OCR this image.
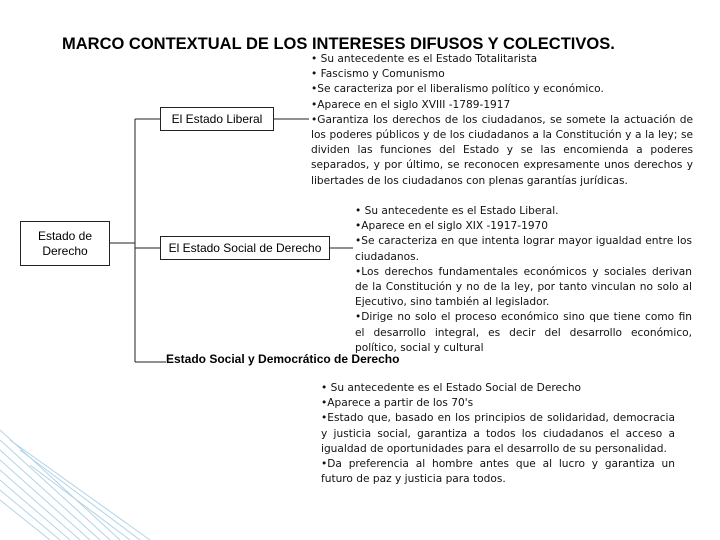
MARCO CONTEXTUAL DE LOS INTERESES DIFUSOS Y COLECTIVOS.
Estado de Derecho
El Estado Liberal
El Estado Social de Derecho
Estado Social y Democrático de Derecho

• Su antecedente es el Estado Totalitarista

• Fascismo y Comunismo

•Se caracteriza por el liberalismo político y económico.

•Aparece en el siglo XVIII -1789-1917

•Garantiza los derechos de los ciudadanos, se somete la actuación de los poderes públicos y de los ciudadanos a la Constitución y a la ley; se dividen las funciones del Estado y se las encomienda a poderes separados, y por último, se reconocen expresamente unos derechos y libertades de los ciudadanos con plenas garantías jurídicas.

• Su antecedente es el Estado Liberal.

•Aparece en el siglo XIX -1917-1970

•Se caracteriza en que intenta lograr mayor igualdad entre los ciudadanos.

•Los derechos fundamentales económicos y sociales derivan de la Constitución y no de la ley, por tanto vinculan no solo al Ejecutivo, sino también al legislador.

•Dirige no solo el proceso económico sino que tiene como fin el desarrollo integral, es decir del desarrollo económico, político, social y cultural

• Su antecedente es el Estado Social de Derecho

•Aparece a partir de los 70's

•Estado que, basado en los principios de solidaridad, democracia y justicia social, garantiza a todos los ciudadanos el acceso a igualdad de oportunidades para el desarrollo de su personalidad.

•Da preferencia al hombre antes que al lucro y garantiza un futuro de paz y justicia para todos.
